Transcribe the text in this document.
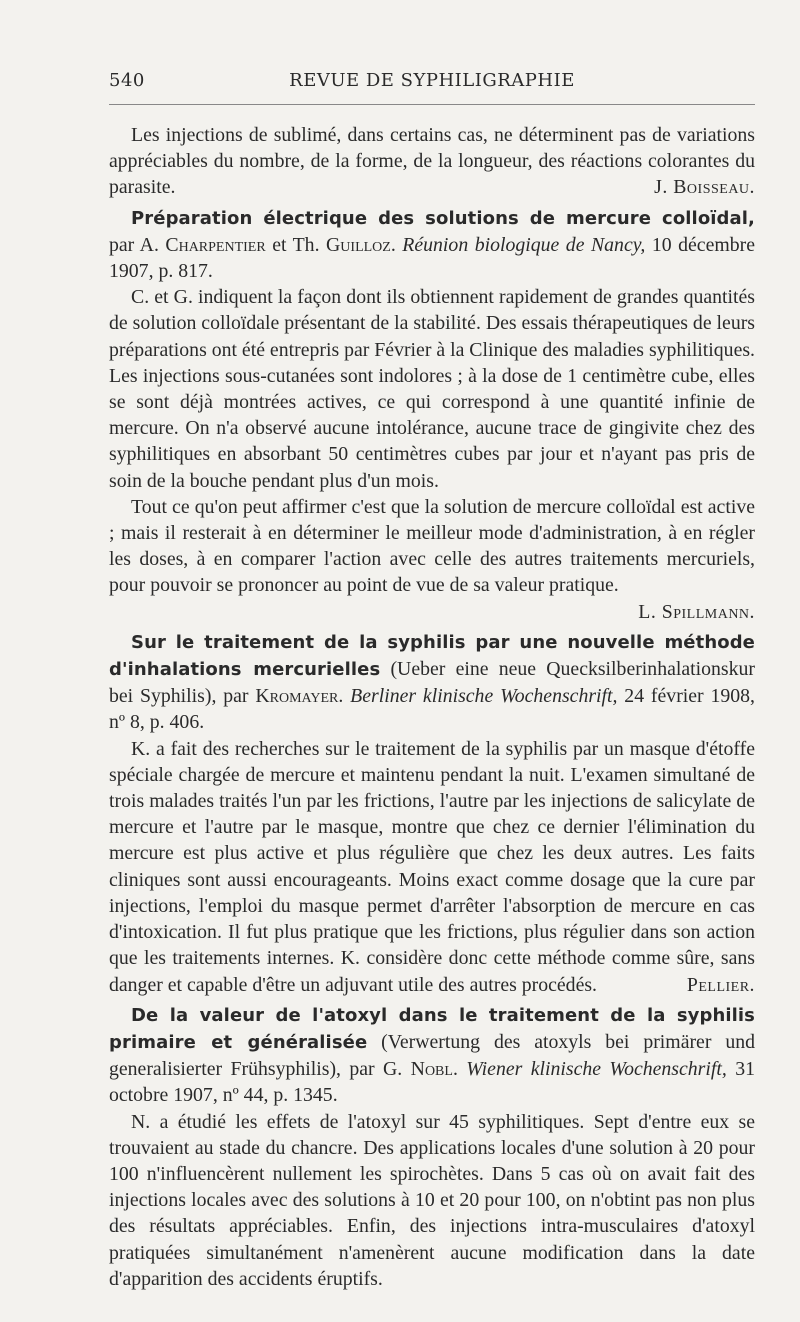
540	REVUE DE SYPHILIGRAPHIE

Les injections de sublimé, dans certains cas, ne déterminent pas de variations appréciables du nombre, de la forme, de la longueur, des réactions colorantes du parasite.	J. Boisseau.

Préparation électrique des solutions de mercure colloïdal, par A. Charpentier et Th. Guilloz. Réunion biologique de Nancy, 10 décembre 1907, p. 817.

C. et G. indiquent la façon dont ils obtiennent rapidement de grandes quantités de solution colloïdale présentant de la stabilité. Des essais thérapeutiques de leurs préparations ont été entrepris par Février à la Clinique des maladies syphilitiques. Les injections sous-cutanées sont indolores ; à la dose de 1 centimètre cube, elles se sont déjà montrées actives, ce qui correspond à une quantité infinie de mercure. On n'a observé aucune intolérance, aucune trace de gingivite chez des syphilitiques en absorbant 50 centimètres cubes par jour et n'ayant pas pris de soin de la bouche pendant plus d'un mois.

Tout ce qu'on peut affirmer c'est que la solution de mercure colloïdal est active ; mais il resterait à en déterminer le meilleur mode d'administration, à en régler les doses, à en comparer l'action avec celle des autres traitements mercuriels, pour pouvoir se prononcer au point de vue de sa valeur pratique.
L. Spillmann.

Sur le traitement de la syphilis par une nouvelle méthode d'inhalations mercurielles (Ueber eine neue Quecksilberinhalationskur bei Syphilis), par Kromayer. Berliner klinische Wochenschrift, 24 février 1908, nº 8, p. 406.

K. a fait des recherches sur le traitement de la syphilis par un masque d'étoffe spéciale chargée de mercure et maintenu pendant la nuit. L'examen simultané de trois malades traités l'un par les frictions, l'autre par les injections de salicylate de mercure et l'autre par le masque, montre que chez ce dernier l'élimination du mercure est plus active et plus régulière que chez les deux autres. Les faits cliniques sont aussi encourageants. Moins exact comme dosage que la cure par injections, l'emploi du masque permet d'arrêter l'absorption de mercure en cas d'intoxication. Il fut plus pratique que les frictions, plus régulier dans son action que les traitements internes. K. considère donc cette méthode comme sûre, sans danger et capable d'être un adjuvant utile des autres procédés.	Pellier.

De la valeur de l'atoxyl dans le traitement de la syphilis primaire et généralisée (Verwertung des atoxyls bei primärer und generalisierter Frühsyphilis), par G. Nobl. Wiener klinische Wochenschrift, 31 octobre 1907, nº 44, p. 1345.

N. a étudié les effets de l'atoxyl sur 45 syphilitiques. Sept d'entre eux se trouvaient au stade du chancre. Des applications locales d'une solution à 20 pour 100 n'influencèrent nullement les spirochètes. Dans 5 cas où on avait fait des injections locales avec des solutions à 10 et 20 pour 100, on n'obtint pas non plus des résultats appréciables. Enfin, des injections intra-musculaires d'atoxyl pratiquées simultanément n'amenèrent aucune modification dans la date d'apparition des accidents éruptifs.
